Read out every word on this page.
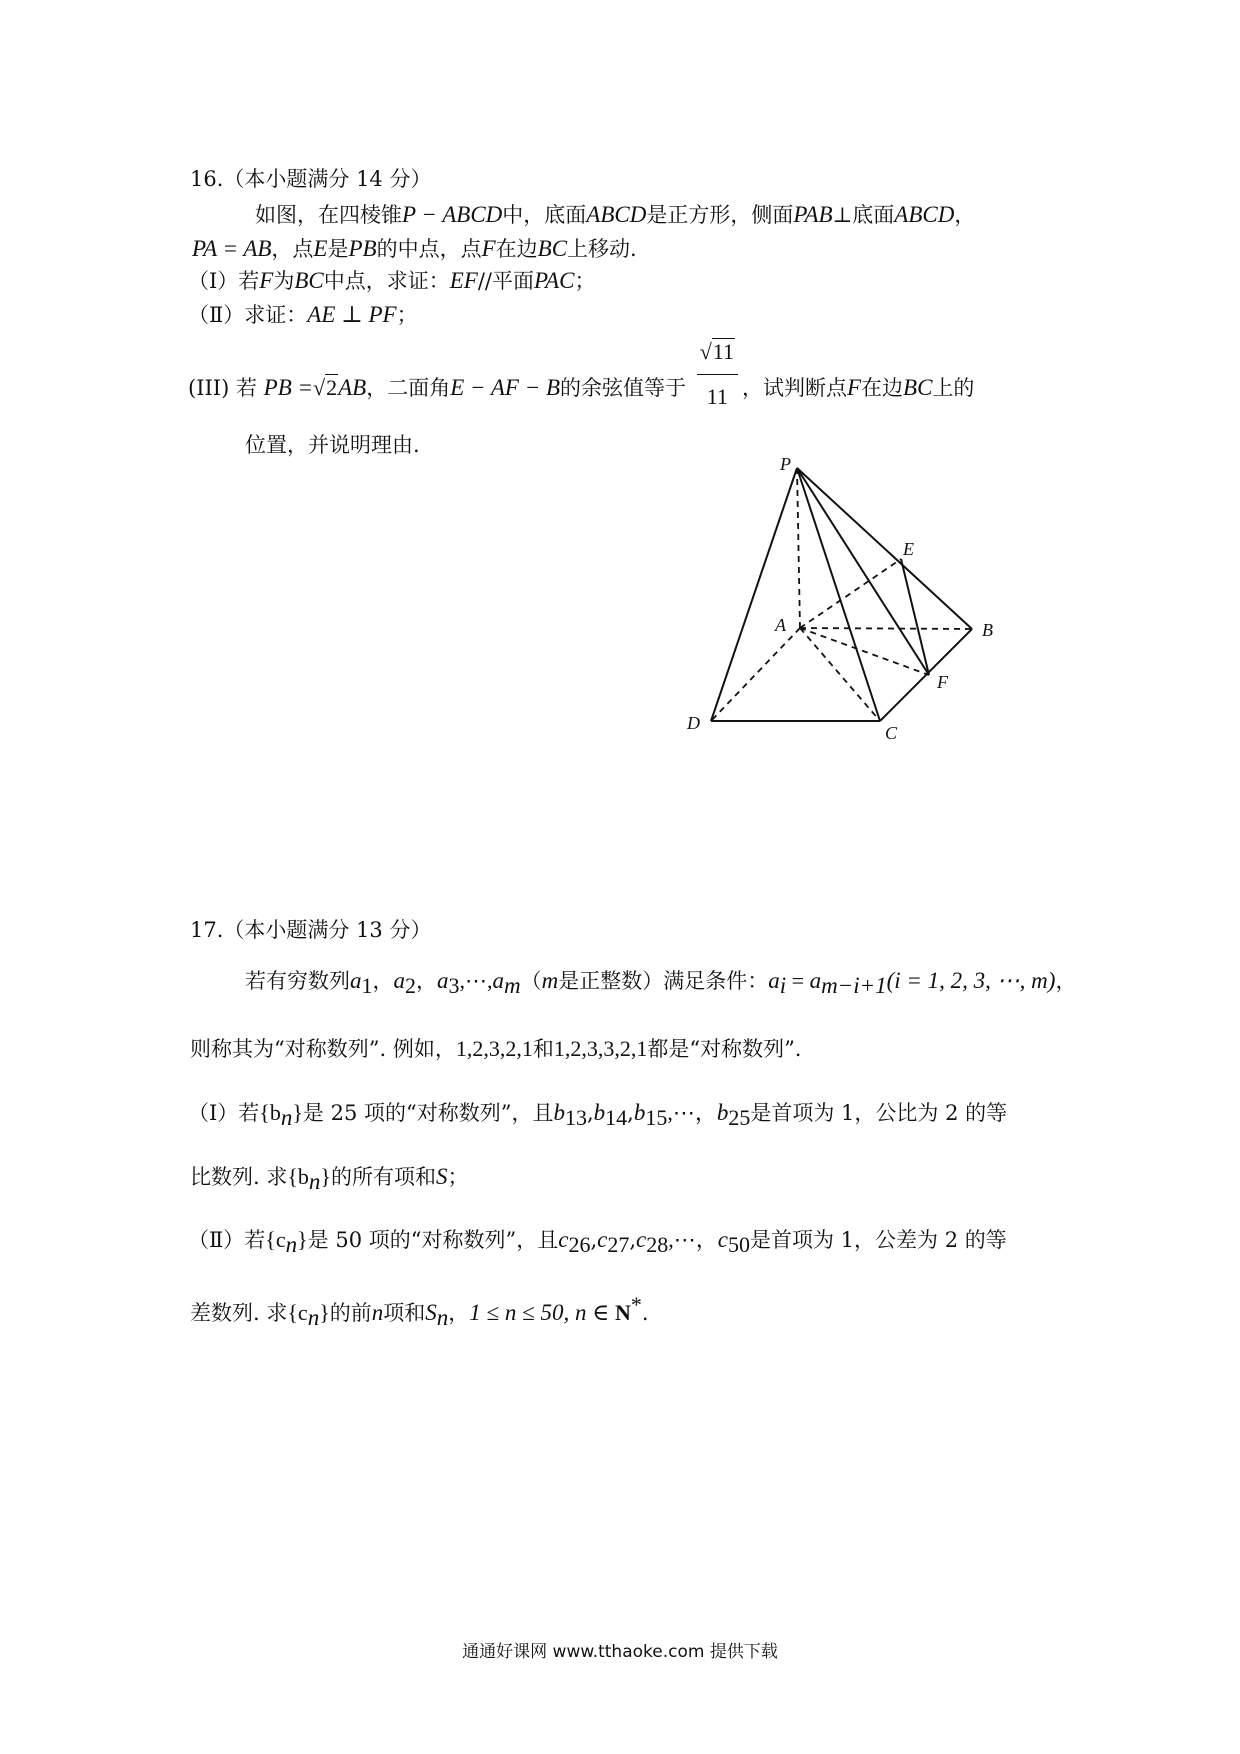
16.（本小题满分 14 分）
如图，在四棱锥P − ABCD中，底面ABCD是正方形，侧面PAB⊥底面ABCD，
PA = AB，点E是PB的中点，点F在边BC上移动.
（Ⅰ）若F为BC中点，求证：EF//平面PAC；
（Ⅱ）求证：AE ⊥ PF；
(III) 若 PB =√2AB，二面角E − AF − B的余弦值等于 $\frac{√11}{11}$ ，试判断点F在边BC上的
位置，并说明理由.
P
E
A	B
F
D	C
17.（本小题满分 13 分）
若有穷数列$a_1$，$a_2$，$a_3,\cdots,a_m(m$是正整数）满足条件：$a_i = a_{m-i+1}(i = 1$, 2, 3, ⋯, m)，
则称其为“对称数列”. 例如，1,2,3,2,1和1,2,3,3,2,1都是“对称数列”.
（Ⅰ）若$\{b_n\}$是 25 项的“对称数列”，且$b_{13},b_{14},b_{15},\cdots$，$b_{25}$是首项为 1，公比为 2 的等
比数列. 求$\{b_n\}$的所有项和S；
（Ⅱ）若$\{c_n\}$是 50 项的“对称数列”，且$c_{26},c_{27},c_{28},\cdots$，$c_{50}$是首项为 1，公差为 2 的等
差数列. 求$\{c_n\}$的前n项和$S_n$，1 ≤ n ≤ 50, n ∈ N*.
通通好课网 www.tthaoke.com 提供下载
